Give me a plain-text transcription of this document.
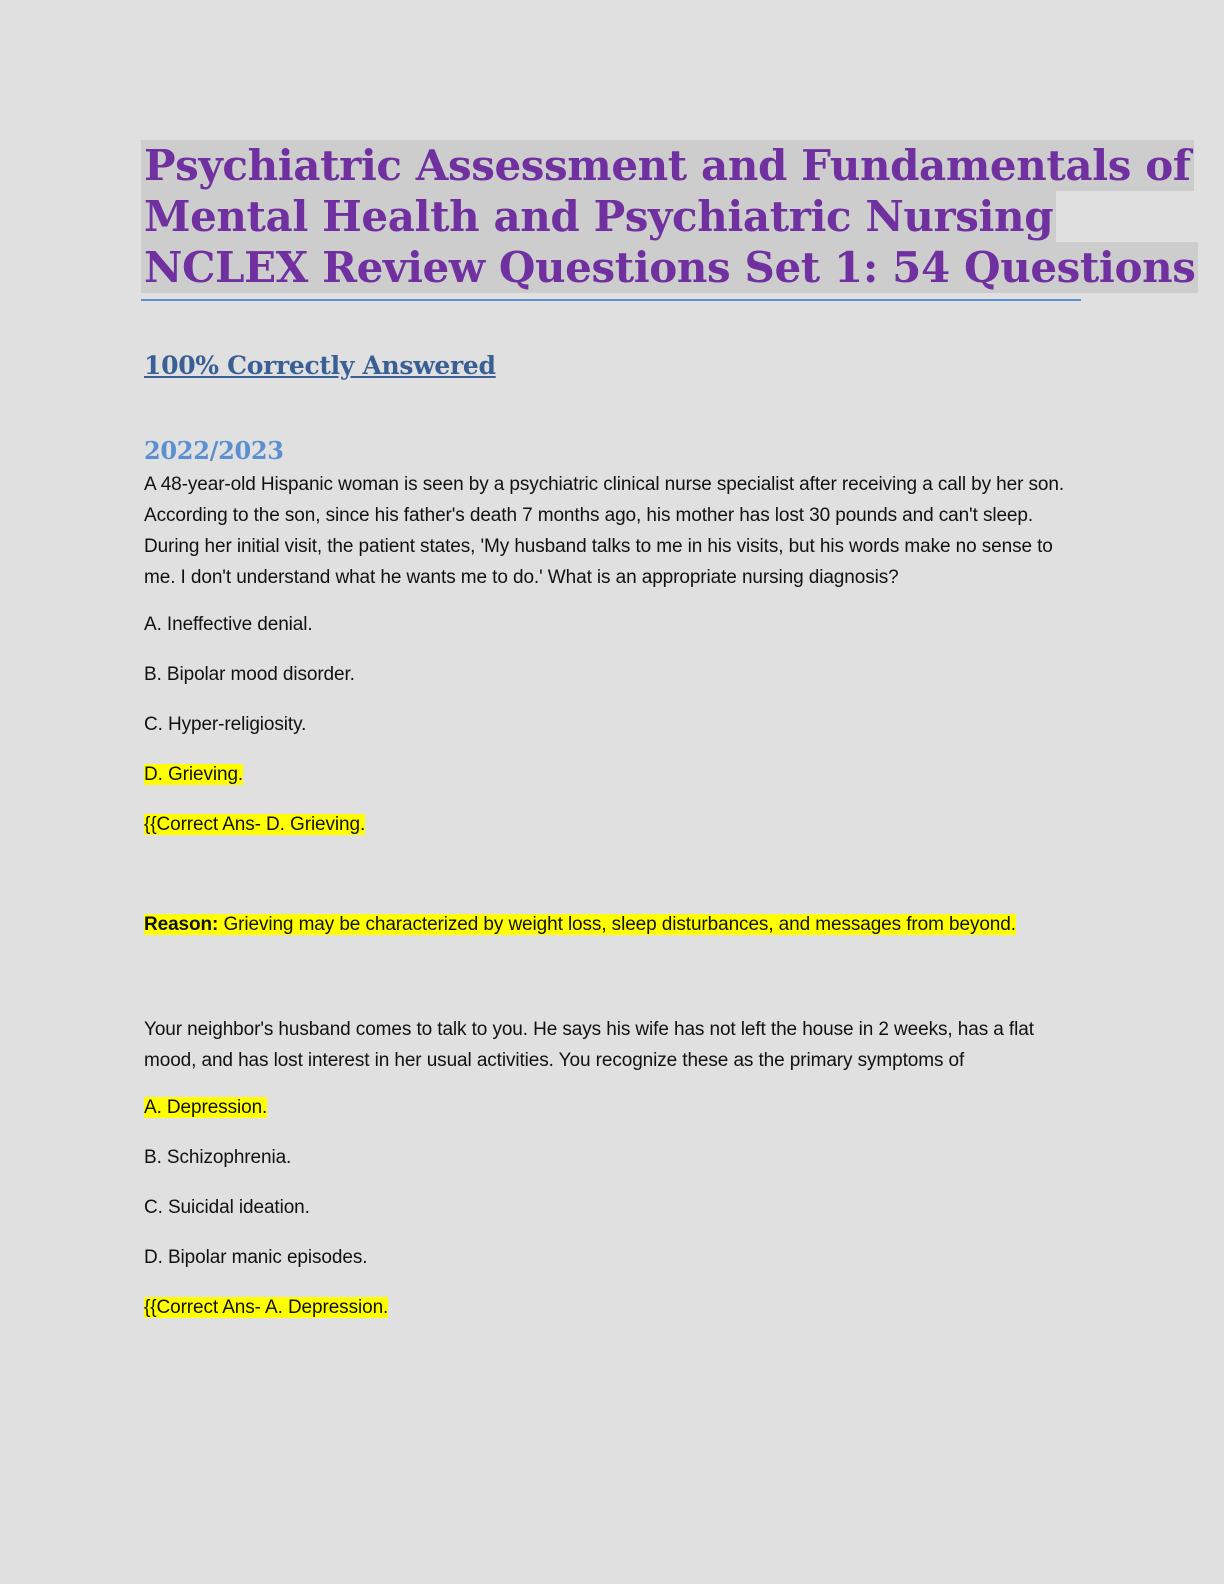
Psychiatric Assessment and Fundamentals of
Mental Health and Psychiatric Nursing
NCLEX Review Questions Set 1: 54 Questions
100% Correctly Answered
2022/2023

A 48-year-old Hispanic woman is seen by a psychiatric clinical nurse specialist after receiving a call by her son. According to the son, since his father's death 7 months ago, his mother has lost 30 pounds and can't sleep. During her initial visit, the patient states, 'My husband talks to me in his visits, but his words make no sense to me. I don't understand what he wants me to do.' What is an appropriate nursing diagnosis?

A. Ineffective denial.

B. Bipolar mood disorder.

C. Hyper-religiosity.

D. Grieving.

{{Correct Ans- D. Grieving.

Reason: Grieving may be characterized by weight loss, sleep disturbances, and messages from beyond.

Your neighbor's husband comes to talk to you. He says his wife has not left the house in 2 weeks, has a flat mood, and has lost interest in her usual activities. You recognize these as the primary symptoms of

A. Depression.

B. Schizophrenia.

C. Suicidal ideation.

D. Bipolar manic episodes.

{{Correct Ans- A. Depression.
